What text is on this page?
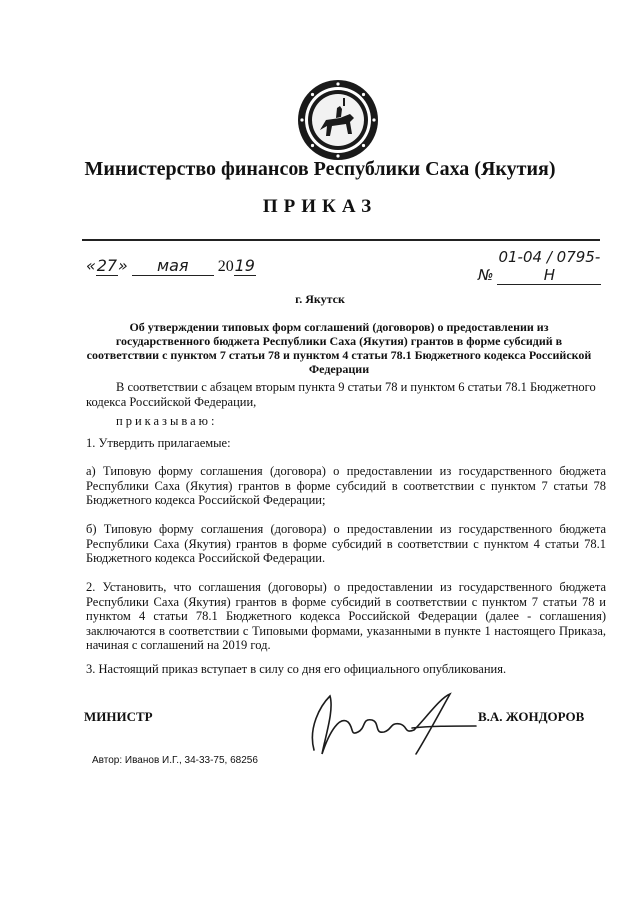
Министерство финансов Республики Саха (Якутия)
ПРИКАЗ
«27» мая 2019	№ 01-04 / 0795-Н
г. Якутск
Об утверждении типовых форм соглашений (договоров) о предоставлении из государственного бюджета Республики Саха (Якутия) грантов в форме субсидий в соответствии с пунктом 7 статьи 78 и пунктом 4 статьи 78.1 Бюджетного кодекса Российской Федерации
В соответствии с абзацем вторым пункта 9 статьи 78 и пунктом 6 статьи 78.1 Бюджетного кодекса Российской Федерации,
приказываю:
1. Утвердить прилагаемые:
а) Типовую форму соглашения (договора) о предоставлении из государственного бюджета Республики Саха (Якутия) грантов в форме субсидий в соответствии с пунктом 7 статьи 78 Бюджетного кодекса Российской Федерации;
б) Типовую форму соглашения (договора) о предоставлении из государственного бюджета Республики Саха (Якутия) грантов в форме субсидий в соответствии с пунктом 4 статьи 78.1 Бюджетного кодекса Российской Федерации.
2. Установить, что соглашения (договоры) о предоставлении из государственного бюджета Республики Саха (Якутия) грантов в форме субсидий в соответствии с пунктом 7 статьи 78 и пунктом 4 статьи 78.1 Бюджетного кодекса Российской Федерации (далее - соглашения) заключаются в соответствии с Типовыми формами, указанными в пункте 1 настоящего Приказа, начиная с соглашений на 2019 год.
3. Настоящий приказ вступает в силу со дня его официального опубликования.
МИНИСТР	В.А. ЖОНДОРОВ
Автор: Иванов И.Г., 34-33-75, 68256
